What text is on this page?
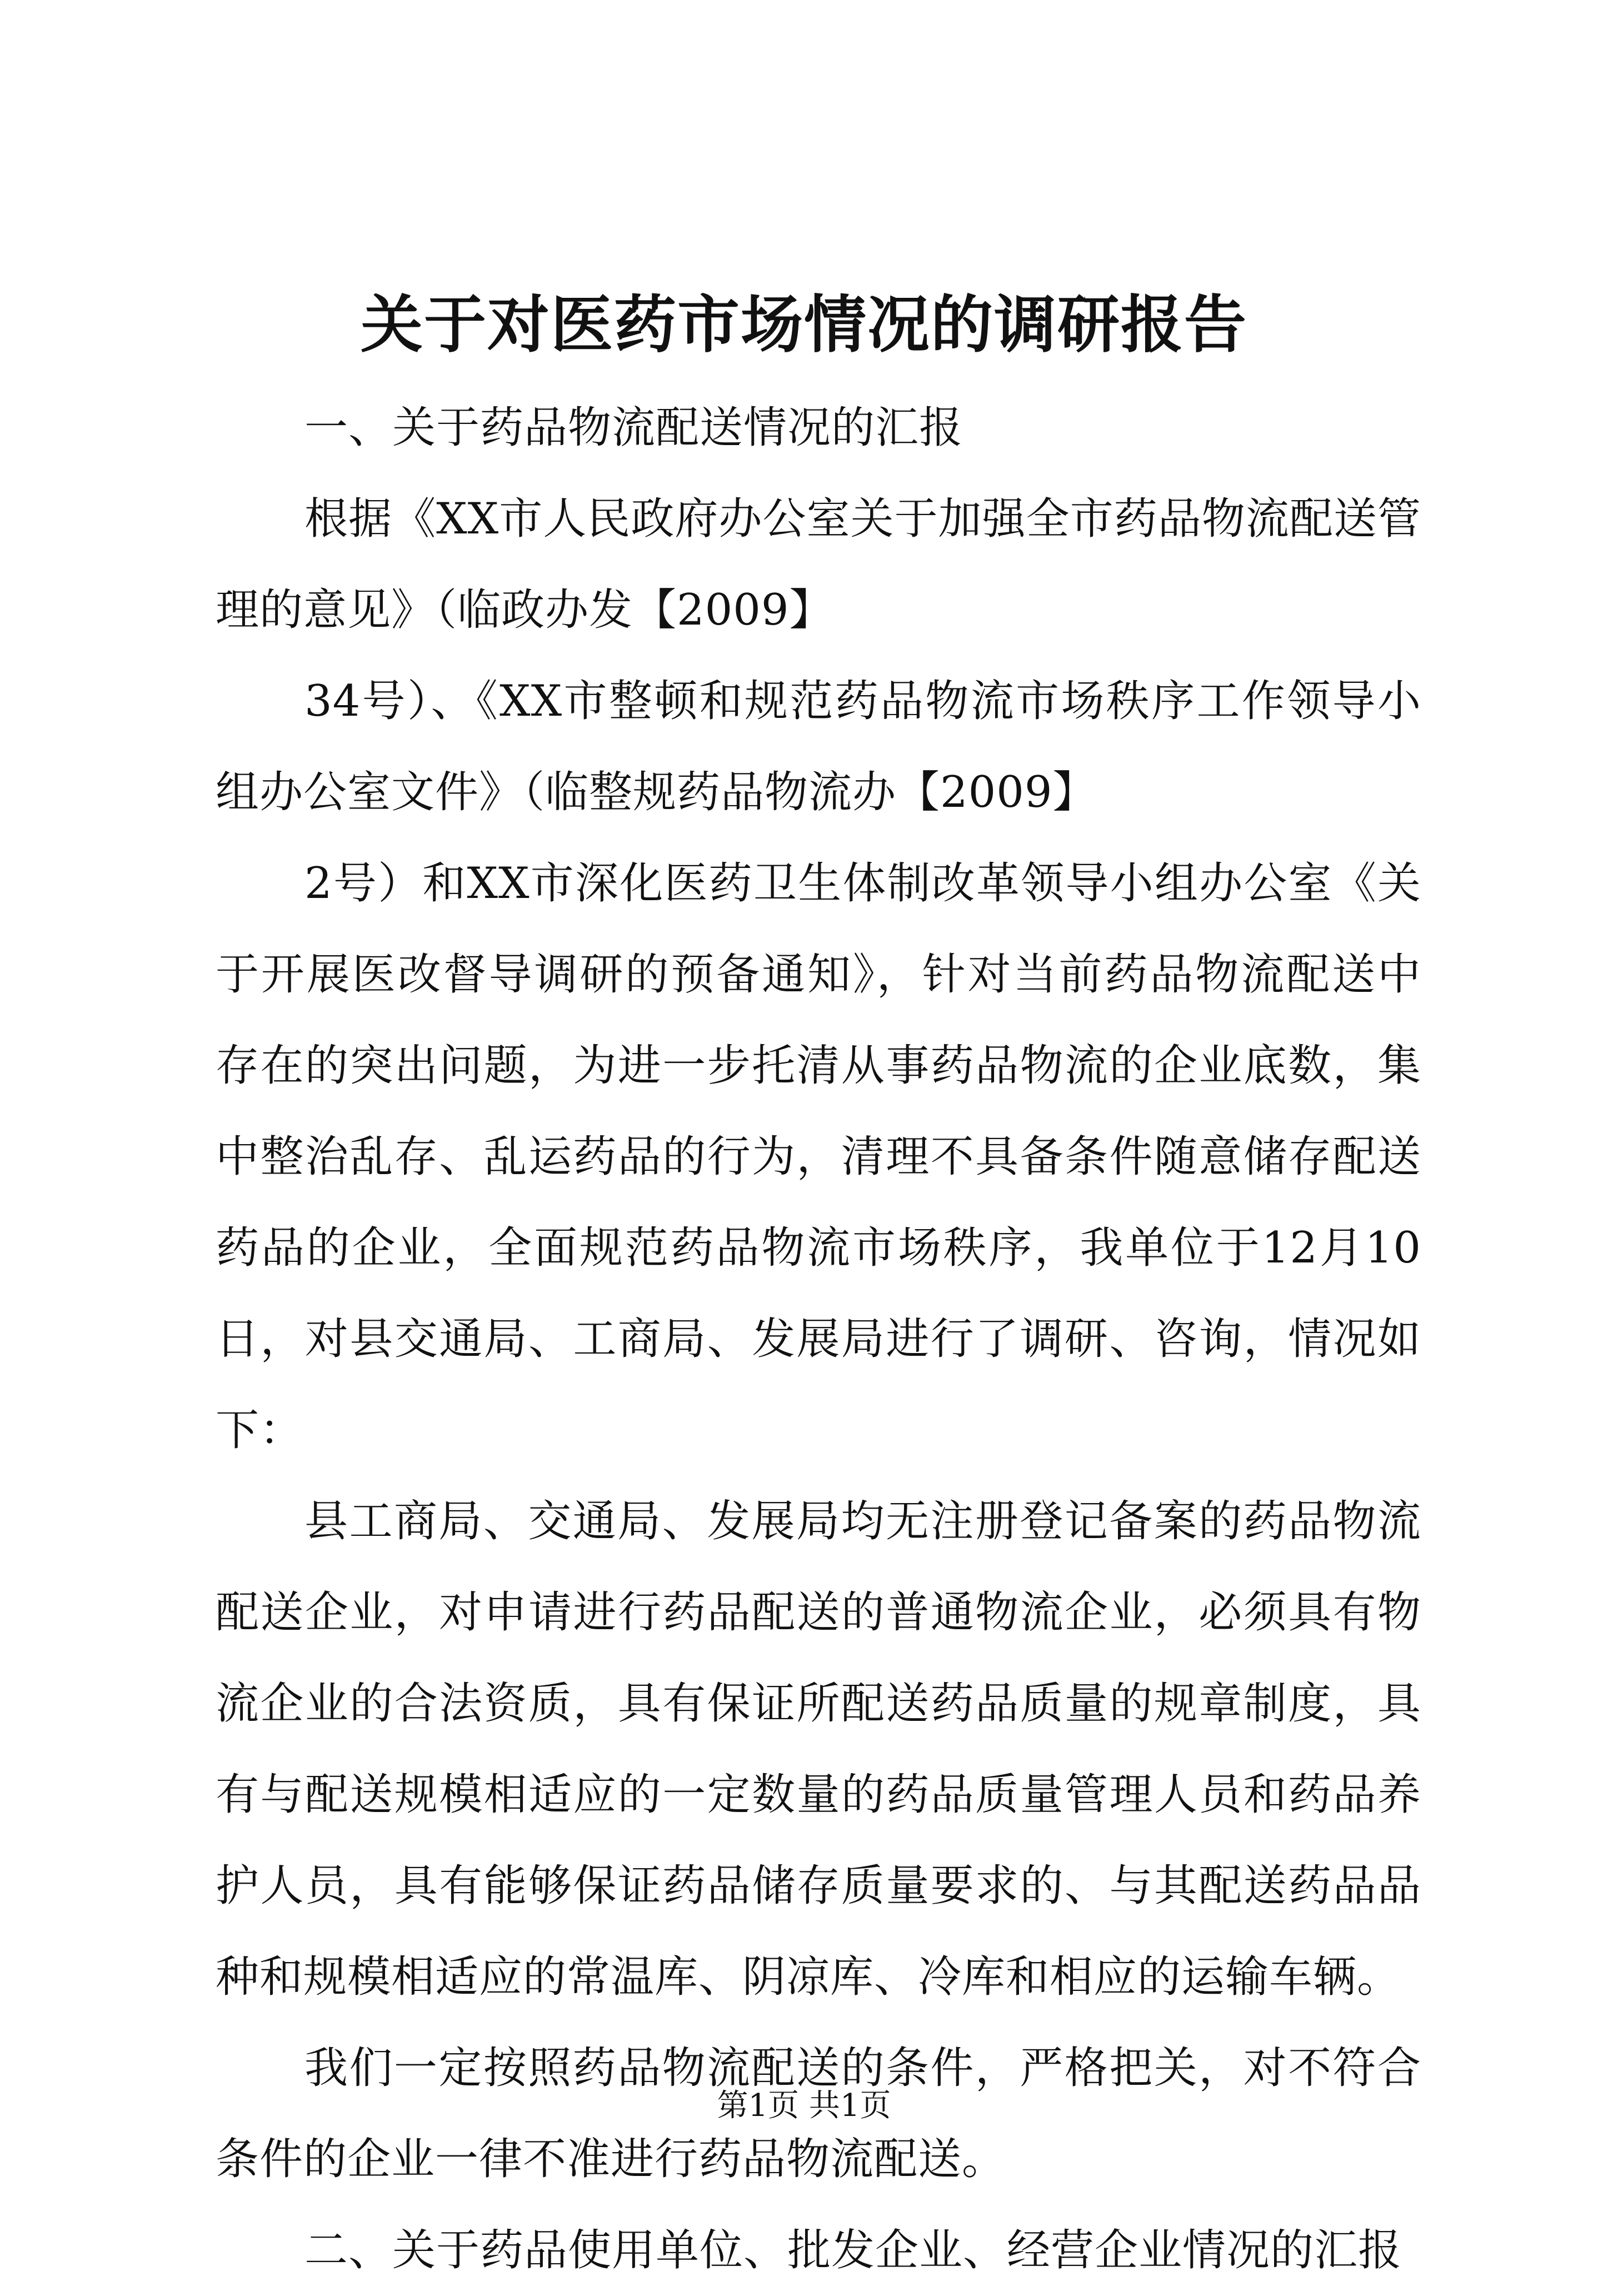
关于对医药市场情况的调研报告

一、关于药品物流配送情况的汇报

根据《XX市人民政府办公室关于加强全市药品物流配送管理的意见》（临政办发【2009】

34号）、《XX市整顿和规范药品物流市场秩序工作领导小组办公室文件》（临整规药品物流办【2009】

2号）和XX市深化医药卫生体制改革领导小组办公室《关于开展医改督导调研的预备通知》，针对当前药品物流配送中存在的突出问题，为进一步托清从事药品物流的企业底数，集中整治乱存、乱运药品的行为，清理不具备条件随意储存配送药品的企业，全面规范药品物流市场秩序，我单位于12月10日，对县交通局、工商局、发展局进行了调研、咨询，情况如下：

县工商局、交通局、发展局均无注册登记备案的药品物流配送企业，对申请进行药品配送的普通物流企业，必须具有物流企业的合法资质，具有保证所配送药品质量的规章制度，具有与配送规模相适应的一定数量的药品质量管理人员和药品养护人员，具有能够保证药品储存质量要求的、与其配送药品品种和规模相适应的常温库、阴凉库、冷库和相应的运输车辆。

我们一定按照药品物流配送的条件，严格把关，对不符合条件的企业一律不准进行药品物流配送。

二、关于药品使用单位、批发企业、经营企业情况的汇报

第1页 共1页
